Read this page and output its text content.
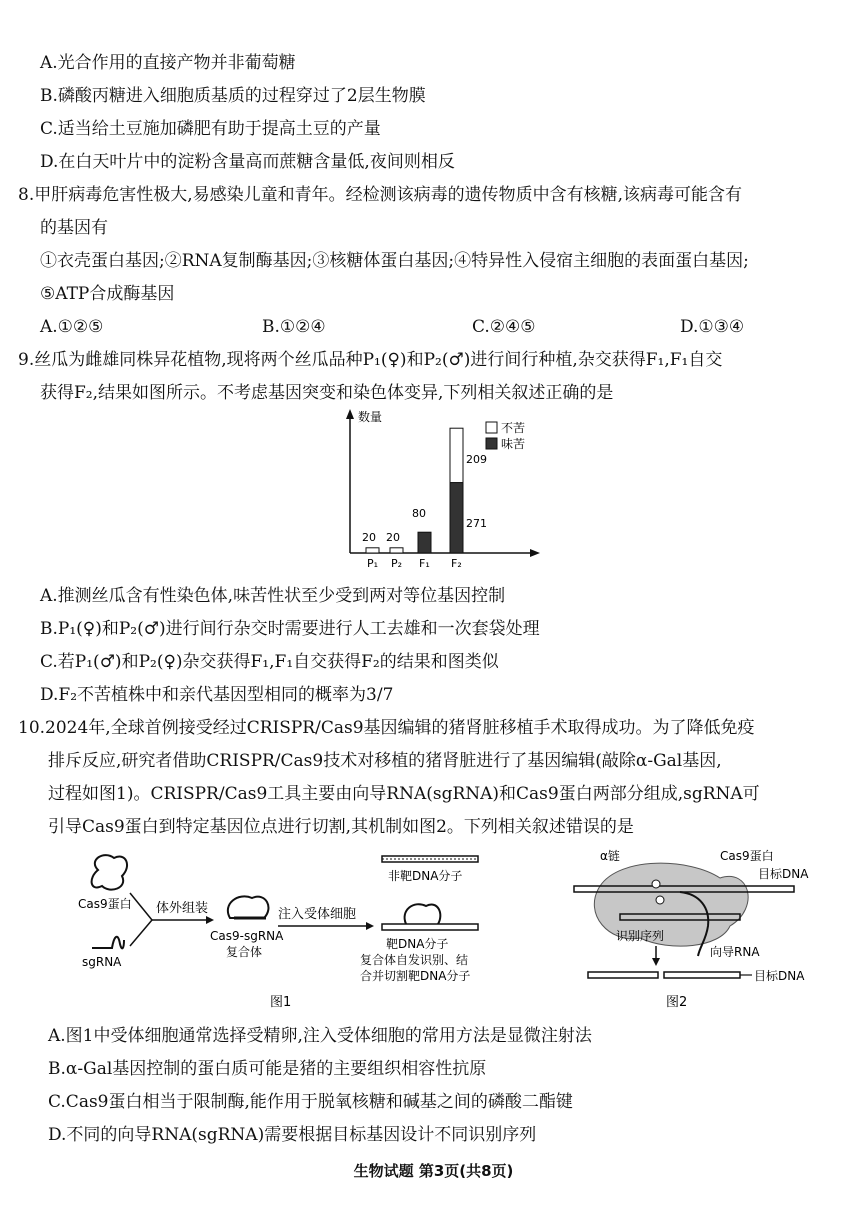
A.光合作用的直接产物并非葡萄糖
B.磷酸丙糖进入细胞质基质的过程穿过了2层生物膜
C.适当给土豆施加磷肥有助于提高土豆的产量
D.在白天叶片中的淀粉含量高而蔗糖含量低,夜间则相反
8.甲肝病毒危害性极大,易感染儿童和青年。经检测该病毒的遗传物质中含有核糖,该病毒可能含有
的基因有
①衣壳蛋白基因;②RNA复制酶基因;③核糖体蛋白基因;④特异性入侵宿主细胞的表面蛋白基因;
⑤ATP合成酶基因
A.①②⑤	B.①②④	C.②④⑤	D.①③④
9.丝瓜为雌雄同株异花植物,现将两个丝瓜品种P₁(♀)和P₂(♂)进行间行种植,杂交获得F₁,F₁自交
获得F₂,结果如图所示。不考虑基因突变和染色体变异,下列相关叙述正确的是
数量
不苦
味苦
P₁ P₂ F₁ F₂
20 20
80
209
271
A.推测丝瓜含有性染色体,味苦性状至少受到两对等位基因控制
B.P₁(♀)和P₂(♂)进行间行杂交时需要进行人工去雄和一次套袋处理
C.若P₁(♂)和P₂(♀)杂交获得F₁,F₁自交获得F₂的结果和图类似
D.F₂不苦植株中和亲代基因型相同的概率为3/7
10.2024年,全球首例接受经过CRISPR/Cas9基因编辑的猪肾脏移植手术取得成功。为了降低免疫
排斥反应,研究者借助CRISPR/Cas9技术对移植的猪肾脏进行了基因编辑(敲除α-Gal基因,
过程如图1)。CRISPR/Cas9工具主要由向导RNA(sgRNA)和Cas9蛋白两部分组成,sgRNA可
引导Cas9蛋白到特定基因位点进行切割,其机制如图2。下列相关叙述错误的是
Cas9蛋白
sgRNA
体外组装
Cas9-sgRNA
复合体
注入受体细胞
非靶DNA分子
靶DNA分子
复合体自发识别、结
合并切割靶DNA分子
图1
α链	Cas9蛋白
目标DNA
识别序列
向导RNA
目标DNA
图2
A.图1中受体细胞通常选择受精卵,注入受体细胞的常用方法是显微注射法
B.α-Gal基因控制的蛋白质可能是猪的主要组织相容性抗原
C.Cas9蛋白相当于限制酶,能作用于脱氧核糖和碱基之间的磷酸二酯键
D.不同的向导RNA(sgRNA)需要根据目标基因设计不同识别序列
生物试题 第3页(共8页)
